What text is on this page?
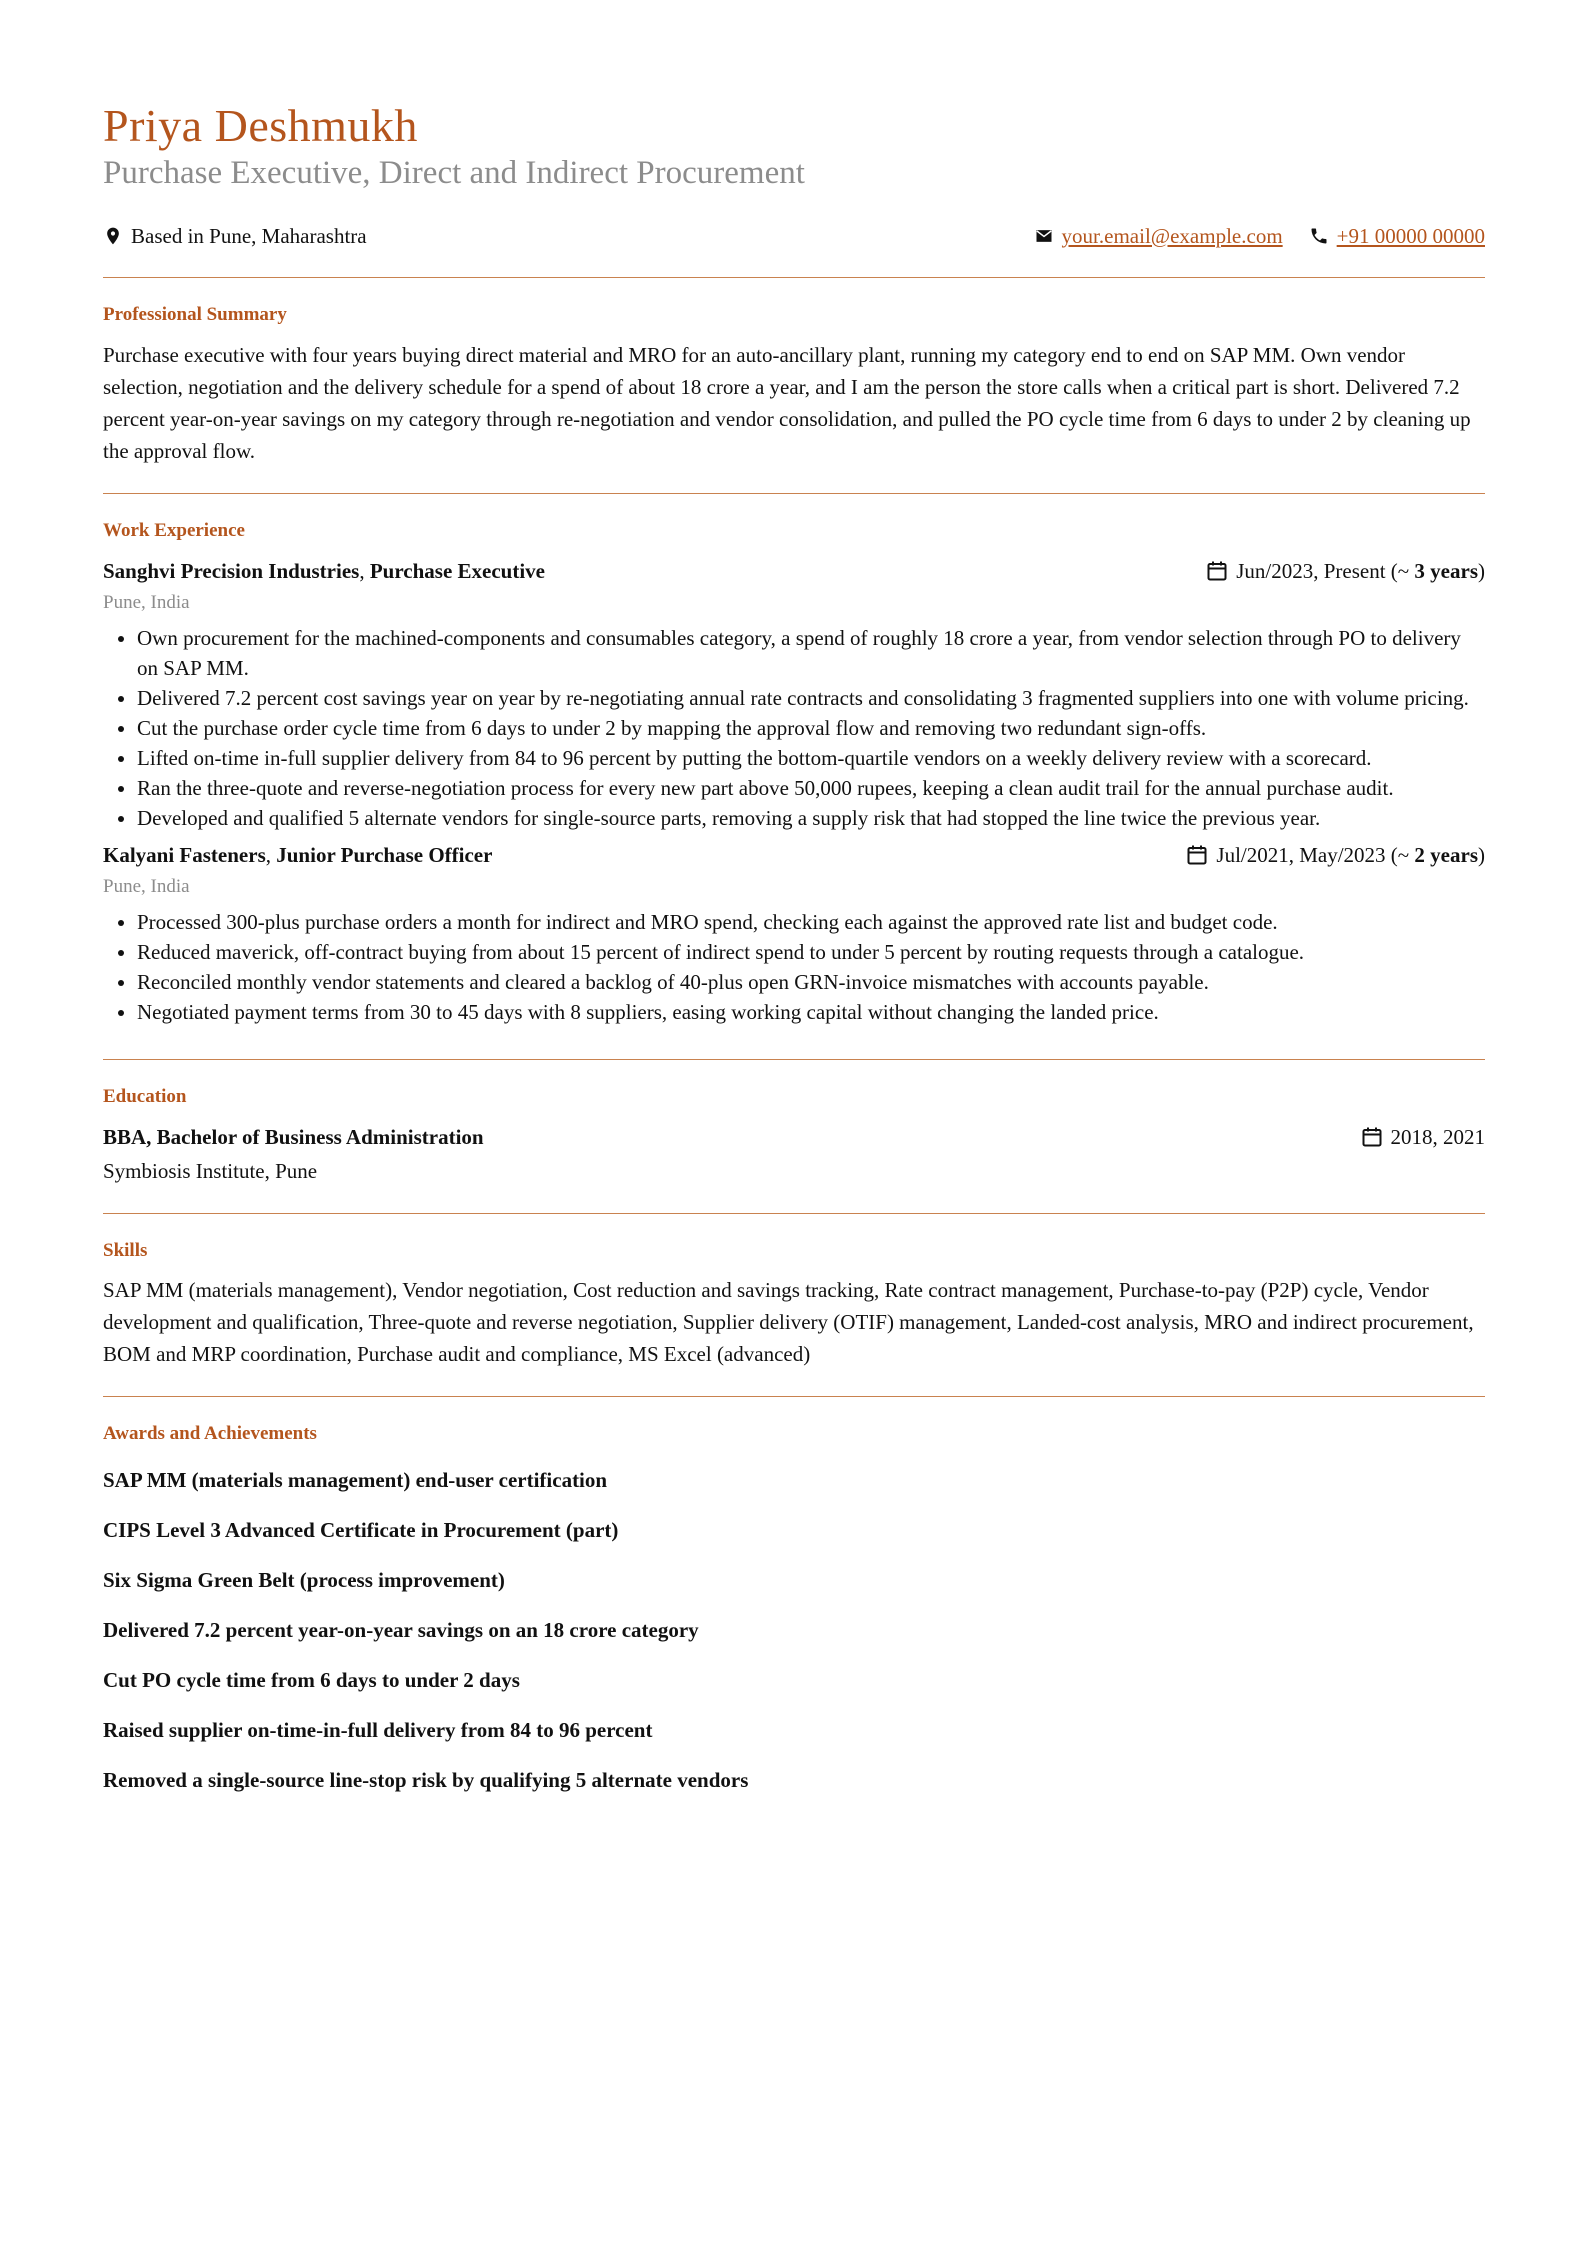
Priya Deshmukh
Purchase Executive, Direct and Indirect Procurement
Based in Pune, Maharashtra	your.email@example.com	+91 00000 00000
Professional Summary
Purchase executive with four years buying direct material and MRO for an auto-ancillary plant, running my category end to end on SAP MM. Own vendor selection, negotiation and the delivery schedule for a spend of about 18 crore a year, and I am the person the store calls when a critical part is short. Delivered 7.2 percent year-on-year savings on my category through re-negotiation and vendor consolidation, and pulled the PO cycle time from 6 days to under 2 by cleaning up the approval flow.
Work Experience
Sanghvi Precision Industries, Purchase Executive	Jun/2023, Present (~ 3 years )
Pune, India
• Own procurement for the machined-components and consumables category, a spend of roughly 18 crore a year, from vendor selection through PO to delivery on SAP MM.
• Delivered 7.2 percent cost savings year on year by re-negotiating annual rate contracts and consolidating 3 fragmented suppliers into one with volume pricing.
• Cut the purchase order cycle time from 6 days to under 2 by mapping the approval flow and removing two redundant sign-offs.
• Lifted on-time in-full supplier delivery from 84 to 96 percent by putting the bottom-quartile vendors on a weekly delivery review with a scorecard.
• Ran the three-quote and reverse-negotiation process for every new part above 50,000 rupees, keeping a clean audit trail for the annual purchase audit.
• Developed and qualified 5 alternate vendors for single-source parts, removing a supply risk that had stopped the line twice the previous year.
Kalyani Fasteners, Junior Purchase Officer	Jul/2021, May/2023 (~ 2 years )
Pune, India
• Processed 300-plus purchase orders a month for indirect and MRO spend, checking each against the approved rate list and budget code.
• Reduced maverick, off-contract buying from about 15 percent of indirect spend to under 5 percent by routing requests through a catalogue.
• Reconciled monthly vendor statements and cleared a backlog of 40-plus open GRN-invoice mismatches with accounts payable.
• Negotiated payment terms from 30 to 45 days with 8 suppliers, easing working capital without changing the landed price.
Education
BBA, Bachelor of Business Administration	2018, 2021
Symbiosis Institute, Pune
Skills
SAP MM (materials management), Vendor negotiation, Cost reduction and savings tracking, Rate contract management, Purchase-to-pay (P2P) cycle, Vendor development and qualification, Three-quote and reverse negotiation, Supplier delivery (OTIF) management, Landed-cost analysis, MRO and indirect procurement, BOM and MRP coordination, Purchase audit and compliance, MS Excel (advanced)
Awards and Achievements
SAP MM (materials management) end-user certification
CIPS Level 3 Advanced Certificate in Procurement (part)
Six Sigma Green Belt (process improvement)
Delivered 7.2 percent year-on-year savings on an 18 crore category
Cut PO cycle time from 6 days to under 2 days
Raised supplier on-time-in-full delivery from 84 to 96 percent
Removed a single-source line-stop risk by qualifying 5 alternate vendors
